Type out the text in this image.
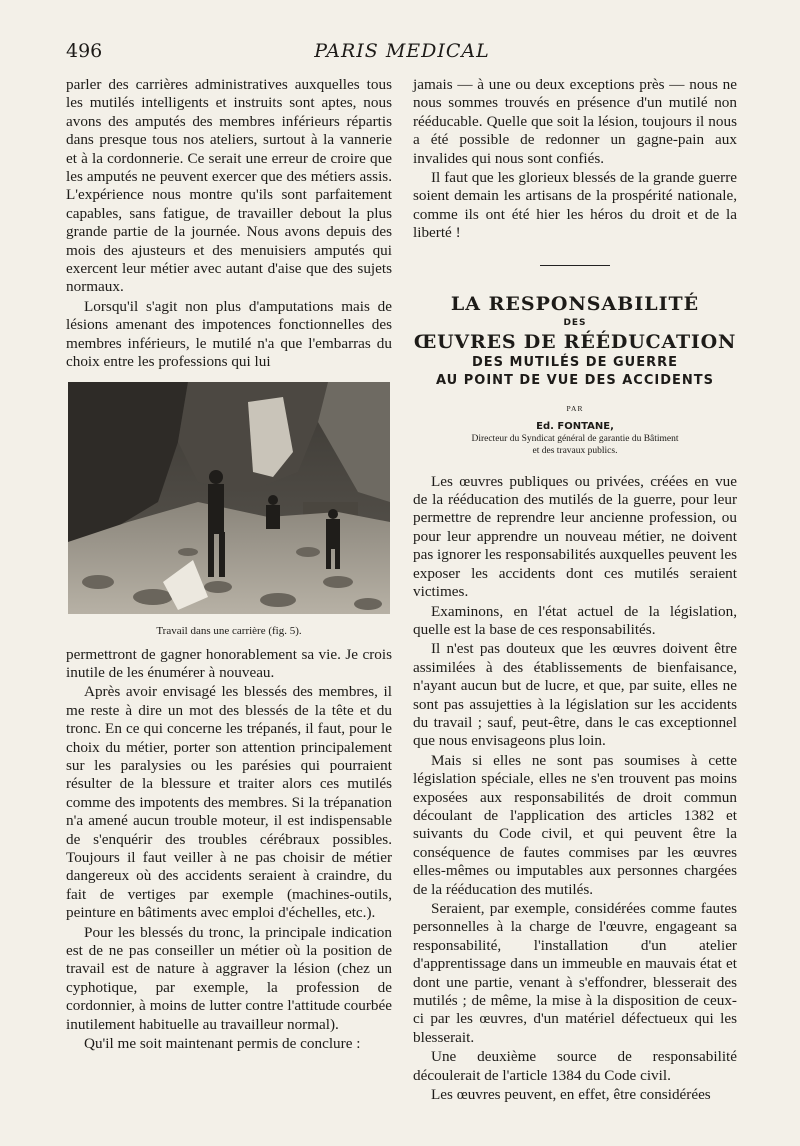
496	PARIS MEDICAL

parler des carrières administratives auxquelles tous les mutilés intelligents et instruits sont aptes, nous avons des amputés des membres inférieurs répartis dans presque tous nos ateliers, surtout à la vannerie et à la cordonnerie. Ce serait une erreur de croire que les amputés ne peuvent exercer que des métiers assis. L'expérience nous montre qu'ils sont parfaitement capables, sans fatigue, de travailler debout la plus grande partie de la journée. Nous avons depuis des mois des ajusteurs et des menuisiers amputés qui exercent leur métier avec autant d'aise que des sujets normaux.

Lorsqu'il s'agit non plus d'amputations mais de lésions amenant des impotences fonctionnelles des membres inférieurs, le mutilé n'a que l'embarras du choix entre les professions qui lui

Travail dans une carrière (fig. 5).

permettront de gagner honorablement sa vie. Je crois inutile de les énumérer à nouveau.

Après avoir envisagé les blessés des membres, il me reste à dire un mot des blessés de la tête et du tronc. En ce qui concerne les trépanés, il faut, pour le choix du métier, porter son attention principalement sur les paralysies ou les parésies qui pourraient résulter de la blessure et traiter alors ces mutilés comme des impotents des membres. Si la trépanation n'a amené aucun trouble moteur, il est indispensable de s'enquérir des troubles cérébraux possibles. Toujours il faut veiller à ne pas choisir de métier dangereux où des accidents seraient à craindre, du fait de vertiges par exemple (machines-outils, peinture en bâtiments avec emploi d'échelles, etc.).

Pour les blessés du tronc, la principale indication est de ne pas conseiller un métier où la position de travail est de nature à aggraver la lésion (chez un cyphotique, par exemple, la profession de cordonnier, à moins de lutter contre l'attitude courbée inutilement habituelle au travailleur normal).

Qu'il me soit maintenant permis de conclure :

jamais — à une ou deux exceptions près — nous ne nous sommes trouvés en présence d'un mutilé non rééducable. Quelle que soit la lésion, toujours il nous a été possible de redonner un gagne-pain aux invalides qui nous sont confiés.

Il faut que les glorieux blessés de la grande guerre soient demain les artisans de la prospérité nationale, comme ils ont été hier les héros du droit et de la liberté !

LA RESPONSABILITÉ
DES
ŒUVRES DE RÉÉDUCATION
DES MUTILÉS DE GUERRE
AU POINT DE VUE DES ACCIDENTS
PAR
Ed. FONTANE,
Directeur du Syndicat général de garantie du Bâtiment
et des travaux publics.

Les œuvres publiques ou privées, créées en vue de la rééducation des mutilés de la guerre, pour leur permettre de reprendre leur ancienne profession, ou pour leur apprendre un nouveau métier, ne doivent pas ignorer les responsabilités auxquelles peuvent les exposer les accidents dont ces mutilés seraient victimes.

Examinons, en l'état actuel de la législation, quelle est la base de ces responsabilités.

Il n'est pas douteux que les œuvres doivent être assimilées à des établissements de bienfaisance, n'ayant aucun but de lucre, et que, par suite, elles ne sont pas assujetties à la législation sur les accidents du travail ; sauf, peut-être, dans le cas exceptionnel que nous envisageons plus loin.

Mais si elles ne sont pas soumises à cette législation spéciale, elles ne s'en trouvent pas moins exposées aux responsabilités de droit commun découlant de l'application des articles 1382 et suivants du Code civil, et qui peuvent être la conséquence de fautes commises par les œuvres elles-mêmes ou imputables aux personnes chargées de la rééducation des mutilés.

Seraient, par exemple, considérées comme fautes personnelles à la charge de l'œuvre, engageant sa responsabilité, l'installation d'un atelier d'apprentissage dans un immeuble en mauvais état et dont une partie, venant à s'effondrer, blesserait des mutilés ; de même, la mise à la disposition de ceux-ci par les œuvres, d'un matériel défectueux qui les blesserait.

Une deuxième source de responsabilité découlerait de l'article 1384 du Code civil.

Les œuvres peuvent, en effet, être considérées
